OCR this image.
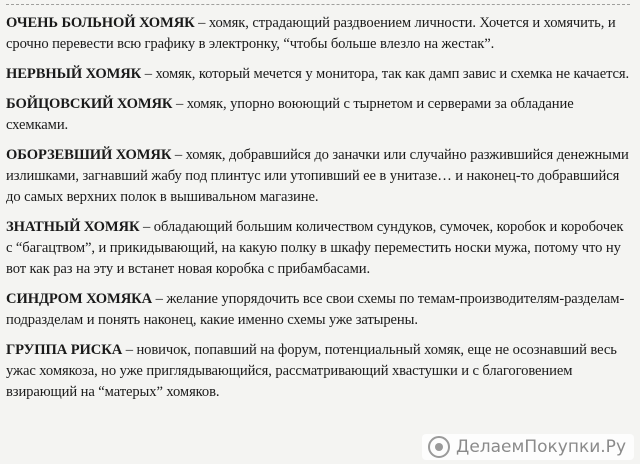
ОЧЕНЬ БОЛЬНОЙ ХОМЯК – хомяк, страдающий раздвоением личности. Хочется и хомячить, и срочно перевести всю графику в электронку, “чтобы больше влезло на жестак”.

НЕРВНЫЙ ХОМЯК – хомяк, который мечется у монитора, так как дамп завис и схемка не качается.

БОЙЦОВСКИЙ ХОМЯК – хомяк, упорно воюющий с тырнетом и серверами за обладание схемками.

ОБОРЗЕВШИЙ ХОМЯК – хомяк, добравшийся до заначки или случайно разжившийся денежными излишками, загнавший жабу под плинтус или утопивший ее в унитазе… и наконец-то добравшийся до самых верхних полок в вышивальном магазине.

ЗНАТНЫЙ ХОМЯК – обладающий большим количеством сундуков, сумочек, коробок и коробочек с “багацтвом”, и прикидывающий, на какую полку в шкафу переместить носки мужа, потому что ну вот как раз на эту и встанет новая коробка с прибамбасами.

СИНДРОМ ХОМЯКА – желание упорядочить все свои схемы по темам-производителям-разделам-подразделам и понять наконец, какие именно схемы уже затырены.

ГРУППА РИСКА – новичок, попавший на форум, потенциальный хомяк, еще не осознавший весь ужас хомякоза, но уже приглядывающийся, рассматривающий хвастушки и с благоговением взирающий на “матерых” хомяков.

ДелаемПокупки.Ру
